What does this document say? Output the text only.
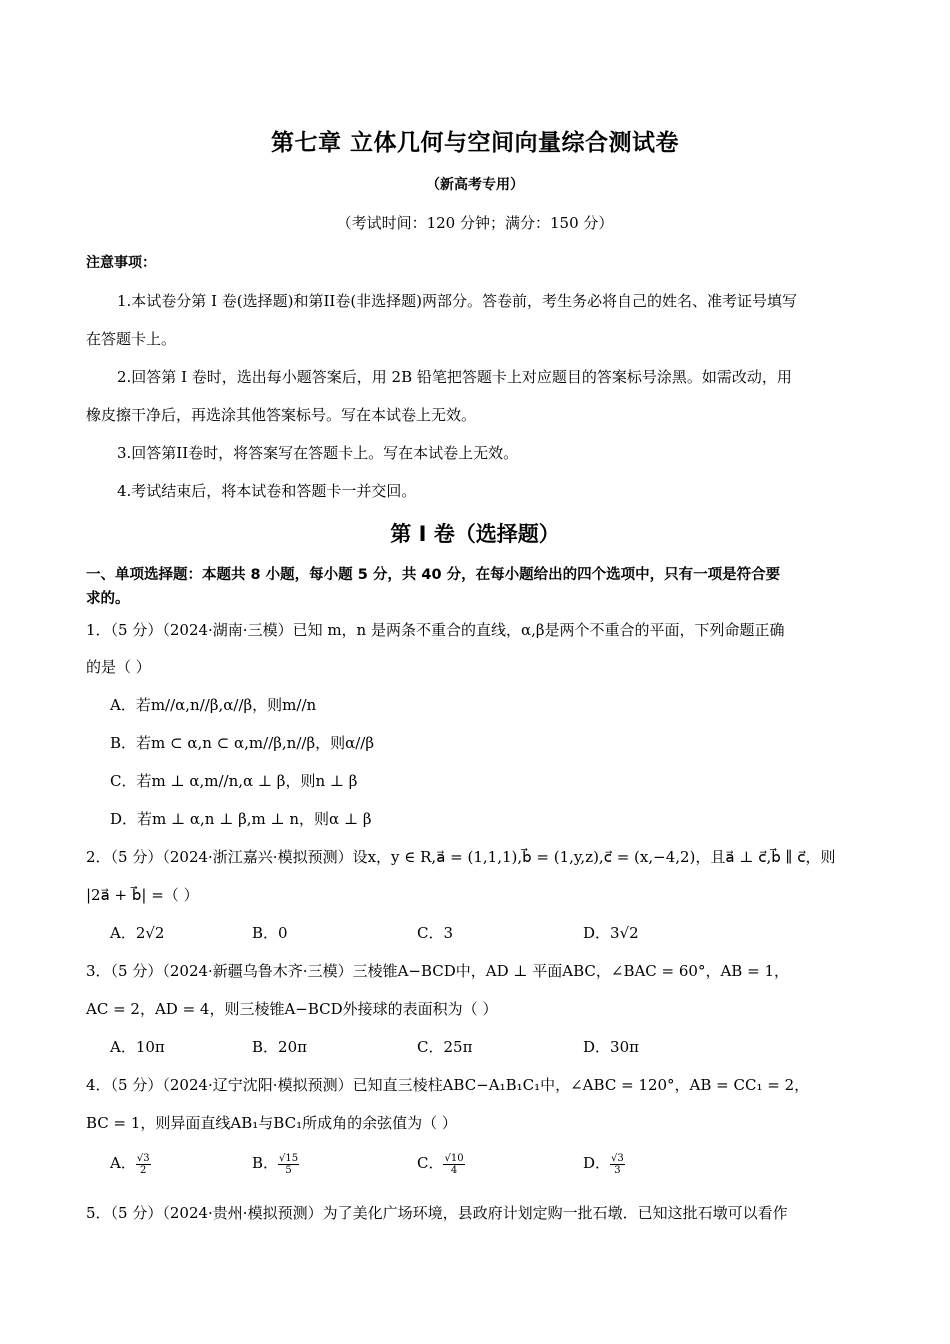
第七章 立体几何与空间向量综合测试卷
（新高考专用）
（考试时间：120 分钟；满分：150 分）
注意事项：
1.本试卷分第 I 卷(选择题)和第II卷(非选择题)两部分。答卷前，考生务必将自己的姓名、准考证号填写
在答题卡上。
2.回答第 I 卷时，选出每小题答案后，用 2B 铅笔把答题卡上对应题目的答案标号涂黑。如需改动，用
橡皮擦干净后，再选涂其他答案标号。写在本试卷上无效。
3.回答第II卷时，将答案写在答题卡上。写在本试卷上无效。
4.考试结束后，将本试卷和答题卡一并交回。
第 I 卷（选择题）
一、单项选择题：本题共 8 小题，每小题 5 分，共 40 分，在每小题给出的四个选项中，只有一项是符合要
求的。
1．（5 分）（2024·湖南·三模）已知 m，n 是两条不重合的直线，α,β是两个不重合的平面，下列命题正确
的是（ ）
A．若m//α,n//β,α//β，则m//n
B．若m ⊂ α,n ⊂ α,m//β,n//β，则α//β
C．若m ⊥ α,m//n,α ⊥ β，则n ⊥ β
D．若m ⊥ α,n ⊥ β,m ⊥ n，则α ⊥ β
2．（5 分）（2024·浙江嘉兴·模拟预测）设x，y ∈ R,a⃗ = (1,1,1),b⃗ = (1,y,z),c⃗ = (x,−4,2)，且a⃗ ⊥ c⃗,b⃗ ∥ c⃗，则
|2a⃗ + b⃗| =（ ）
A．2√2	B．0	C．3	D．3√2
3．（5 分）（2024·新疆乌鲁木齐·三模）三棱锥A−BCD中，AD ⊥ 平面ABC，∠BAC = 60°，AB = 1，
AC = 2，AD = 4，则三棱锥A−BCD外接球的表面积为（ ）
A．10π	B．20π	C．25π	D．30π
4．（5 分）（2024·辽宁沈阳·模拟预测）已知直三棱柱ABC−A₁B₁C₁中，∠ABC = 120°，AB = CC₁ = 2，
BC = 1，则异面直线AB₁与BC₁所成角的余弦值为（ ）
A． $\frac{√3}{2}$	B． $\frac{√15}{5}$	C． $\frac{√10}{4}$	D． $\frac{√3}{3}$
5．（5 分）（2024·贵州·模拟预测）为了美化广场环境，县政府计划定购一批石墩．已知这批石墩可以看作
